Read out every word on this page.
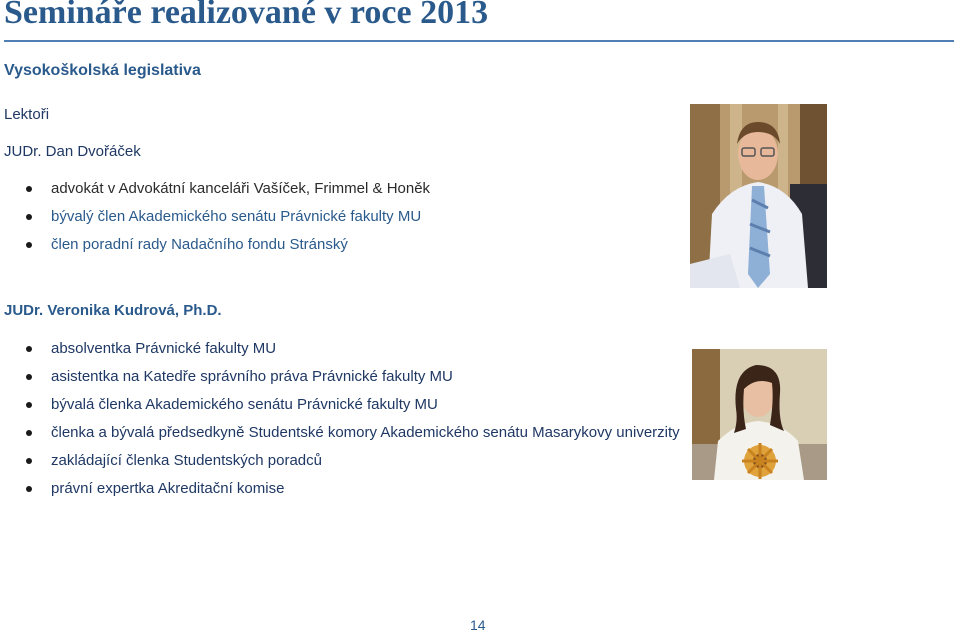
Semináře realizované v roce 2013
Vysokoškolská legislativa
Lektoři
JUDr. Dan Dvořáček
advokát v Advokátní kanceláři Vašíček, Frimmel & Honěk
bývalý člen Akademického senátu Právnické fakulty MU
člen poradní rady Nadačního fondu Stránský
JUDr. Veronika Kudrová, Ph.D.
absolventka Právnické fakulty MU
asistentka na Katedře správního práva Právnické fakulty MU
bývalá členka Akademického senátu Právnické fakulty MU
členka a bývalá předsedkyně Studentské komory Akademického senátu Masarykovy univerzity
zakládající členka Studentských poradců
právní expertka Akreditační komise
14
